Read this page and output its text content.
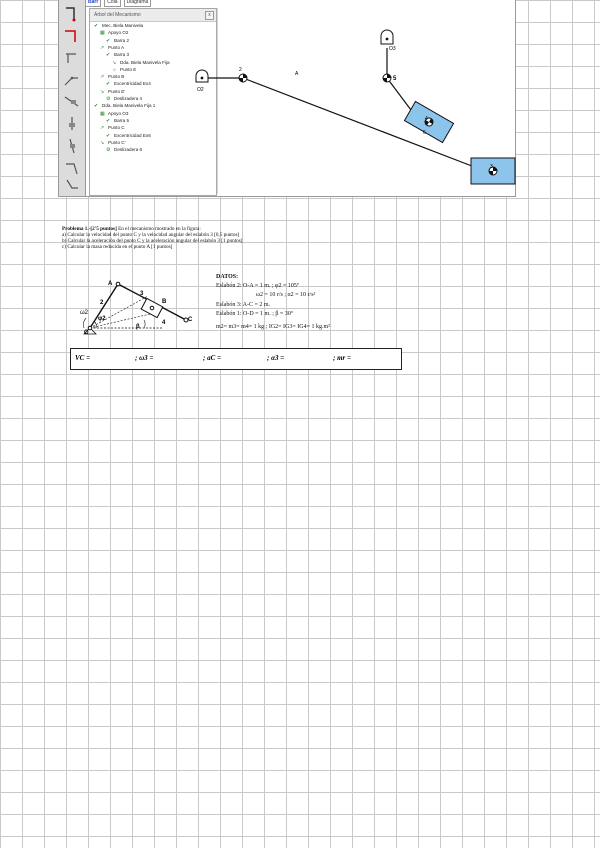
Barr	Cola	Diagrama
Árbol del Mecanismo	x
✔ Mec. Biela Manivela
▦ Apoyo O2
✔ Barra 2
↗ Punto A
✔ Barra 3
↘ Dda. Biela Manivela Fija
☼ Punto E
↗ Punto B
✔ Excentricidad Ex4
↘ Punto E'
⚙ Deslizadera 4
✔ Dda. Biela Manivela Fija 1
▦ Apoyo O3
✔ Barra 5
↗ Punto C
✔ Excentricidad Ex6
↘ Punto C'
⚙ Deslizadera 6
O2
O3
2
A
5
4
6
3
Problema 1.-[2'5 puntos] En el mecanismo mostrado en la figura:
a) Calcular la velocidad del punto C y la velocidad angular del eslabón 3 [0,5 puntos]
b) Calcular la aceleración del punto C y la aceleración angular del eslabón 3 [1 puntos]
c) Calcular la masa reducida en el punto A [1 puntos]
A
B
C
O
2
3
4
ω2
φ2
β
DATOS:
Eslabón 2: O-A = 1 m. ; φ2 = 105º
ω2 = 10 r/s ; α2 = 10 r/s²
Eslabón 3: A-C = 2 m.
Eslabón 1: O-D = 1 m. ; β = 30º
m2= m3= m4= 1 kg ; IG2= IG3= IG4= 1 kg.m²
VC =	; ω3 =	; aC =	; α3 =	; mr =
